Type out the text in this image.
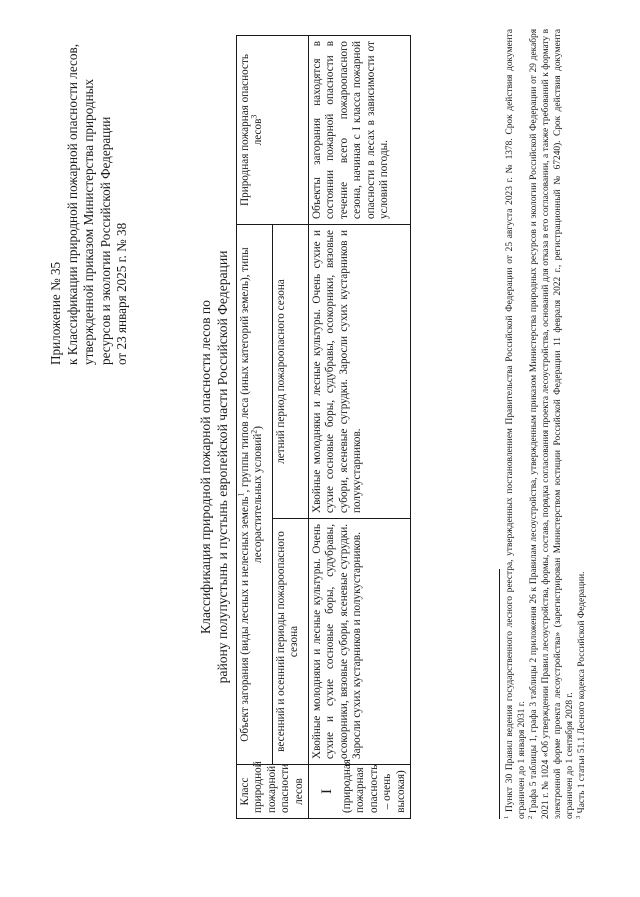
Приложение № 35 к Классификации природной пожарной опасности лесов, утвержденной приказом Министерства природных ресурсов и экологии Российской Федерации от 23 января 2025 г. № 38
Классификация природной пожарной опасности лесов по району полупустынь и пустынь европейской части Российской Федерации
Класс природной пожарной опасности лесов	Объект загорания (виды лесных и нелесных земель$^1$, группы типов леса (иных категорий земель), типы лесорастительных условий$^2$)		Природная пожарная опасность лесов$^3$
	весенний и осенний периоды пожароопасного сезона	летний период пожароопасного сезона	

I (природная пожарная опасность – очень высокая)	Хвойные молодняки и лесные культуры. Очень сухие и сухие сосновые боры, судубравы, осокорники, вязовые субори, ясеневые сугрудки. Заросли сухих кустарников и полукустарников.	Хвойные молодняки и лесные культуры. Очень сухие и сухие сосновые боры, судубравы, осокорники, вязовые субори, ясеневые сугрудки. Заросли сухих кустарников и полукустарников.	Объекты загорания находятся в состоянии пожарной опасности в течение всего пожароопасного сезона, начиная с I класса пожарной опасности в лесах в зависимости от условий погоды.

$^1$ Пункт 30 Правил ведения государственного лесного реестра, утвержденных постановлением Правительства Российской Федерации от 25 августа 2023 г. № 1378. Срок действия документа ограничен до 1 января 2031 г. $^2$ Графа 5 таблицы 1, графа 3 таблицы 2 приложения 26 к Правилам лесоустройства, утвержденным приказом Министерства природных ресурсов и экологии Российской Федерации от 29 декабря 2021 г. № 1024 «Об утверждении Правил лесоустройства, формы, состава, порядка согласования проекта лесоустройства, оснований для отказа в его согласовании, а также требований к формату в электронной форме проекта лесоустройства» (зарегистрирован Министерством юстиции Российской Федерации 11 февраля 2022 г., регистрационный № 67240). Срок действия документа ограничен до 1 сентября 2028 г. $^3$ Часть 1 статьи 51.1 Лесного кодекса Российской Федерации.
